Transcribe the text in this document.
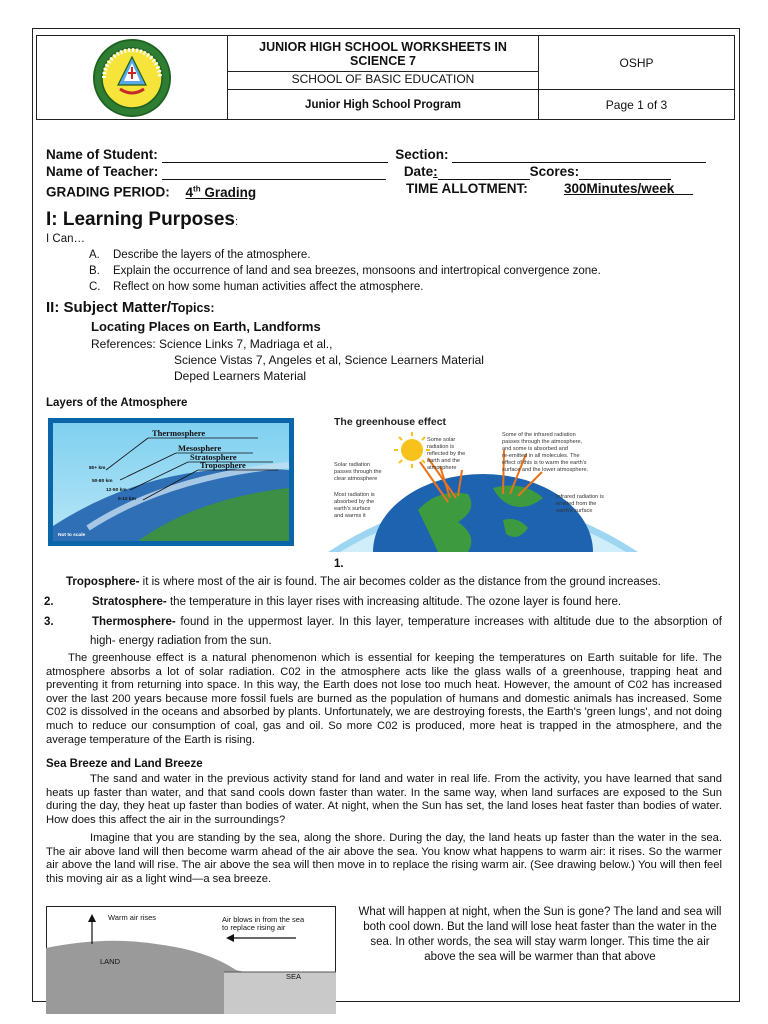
JUNIOR HIGH SCHOOL WORKSHEETS IN
SCIENCE 7	OSHP
	SCHOOL OF BASIC EDUCATION	
	Junior High School Program	Page 1 of 3
Name of Student:	Section:
Name of Teacher:	Date:	Scores:
GRADING PERIOD: 4th Grading	TIME ALLOTMENT:	300Minutes/week
I: Learning Purposes:
I Can…
A. Describe the layers of the atmosphere.
B. Explain the occurrence of land and sea breezes, monsoons and intertropical convergence zone.
C. Reflect on how some human activities affect the atmosphere.
II: Subject Matter/Topics:
Locating Places on Earth, Landforms
References: Science Links 7, Madriaga et al.,
Science Vistas 7, Angeles et al, Science Learners Material
Deped Learners Material
Layers of the Atmosphere
Thermosphere
Mesosphere
Stratosphere
Troposphere
80+ km
50-80 km
12-50 km
0-12 km
Not to scale
The greenhouse effect
Some solar radiation is reflected by the earth and the atmosphere
Some of the infrared radiation passes through the atmosphere, and some is absorbed and re-emitted in all molecules. The effect of this is to warm the earth's surface and the lower atmosphere.
Solar radiation passes through the clear atmosphere
Most radiation is absorbed by the earth's surface and warms it
Infrared radiation is emitted from the earth's surface
1.
Troposphere- it is where most of the air is found. The air becomes colder as the distance from the ground increases.
2.	Stratosphere- the temperature in this layer rises with increasing altitude. The ozone layer is found here.
3.	Thermosphere- found in the uppermost layer. In this layer, temperature increases with altitude due to the absorption of high- energy radiation from the sun.

The greenhouse effect is a natural phenomenon which is essential for keeping the temperatures on Earth suitable for life. The atmosphere absorbs a lot of solar radiation. C02 in the atmosphere acts like the glass walls of a greenhouse, trapping heat and preventing it from returning into space. In this way, the Earth does not lose too much heat. However, the amount of C02 has increased over the last 200 years because more fossil fuels are burned as the population of humans and domestic animals has increased. Some C02 is dissolved in the oceans and absorbed by plants. Unfortunately, we are destroying forests, the Earth's 'green lungs', and not doing much to reduce our consumption of coal, gas and oil. So more C02 is produced, more heat is trapped in the atmosphere, and the average temperature of the Earth is rising.

Sea Breeze and Land Breeze

The sand and water in the previous activity stand for land and water in real life. From the activity, you have learned that sand heats up faster than water, and that sand cools down faster than water. In the same way, when land surfaces are exposed to the Sun during the day, they heat up faster than bodies of water. At night, when the Sun has set, the land loses heat faster than bodies of water. How does this affect the air in the surroundings?

Imagine that you are standing by the sea, along the shore. During the day, the land heats up faster than the water in the sea. The air above land will then become warm ahead of the air above the sea. You know what happens to warm air: it rises. So the warmer air above the land will rise. The air above the sea will then move in to replace the rising warm air. (See drawing below.) You will then feel this moving air as a light wind—a sea breeze.

Warm air rises	Air blows in from the sea
to replace rising air
LAND
SEA

What will happen at night, when the Sun is gone? The land and sea will both cool down. But the land will lose heat faster than the water in the sea. In other words, the sea will stay warm longer. This time the air above the sea will be warmer than that above
